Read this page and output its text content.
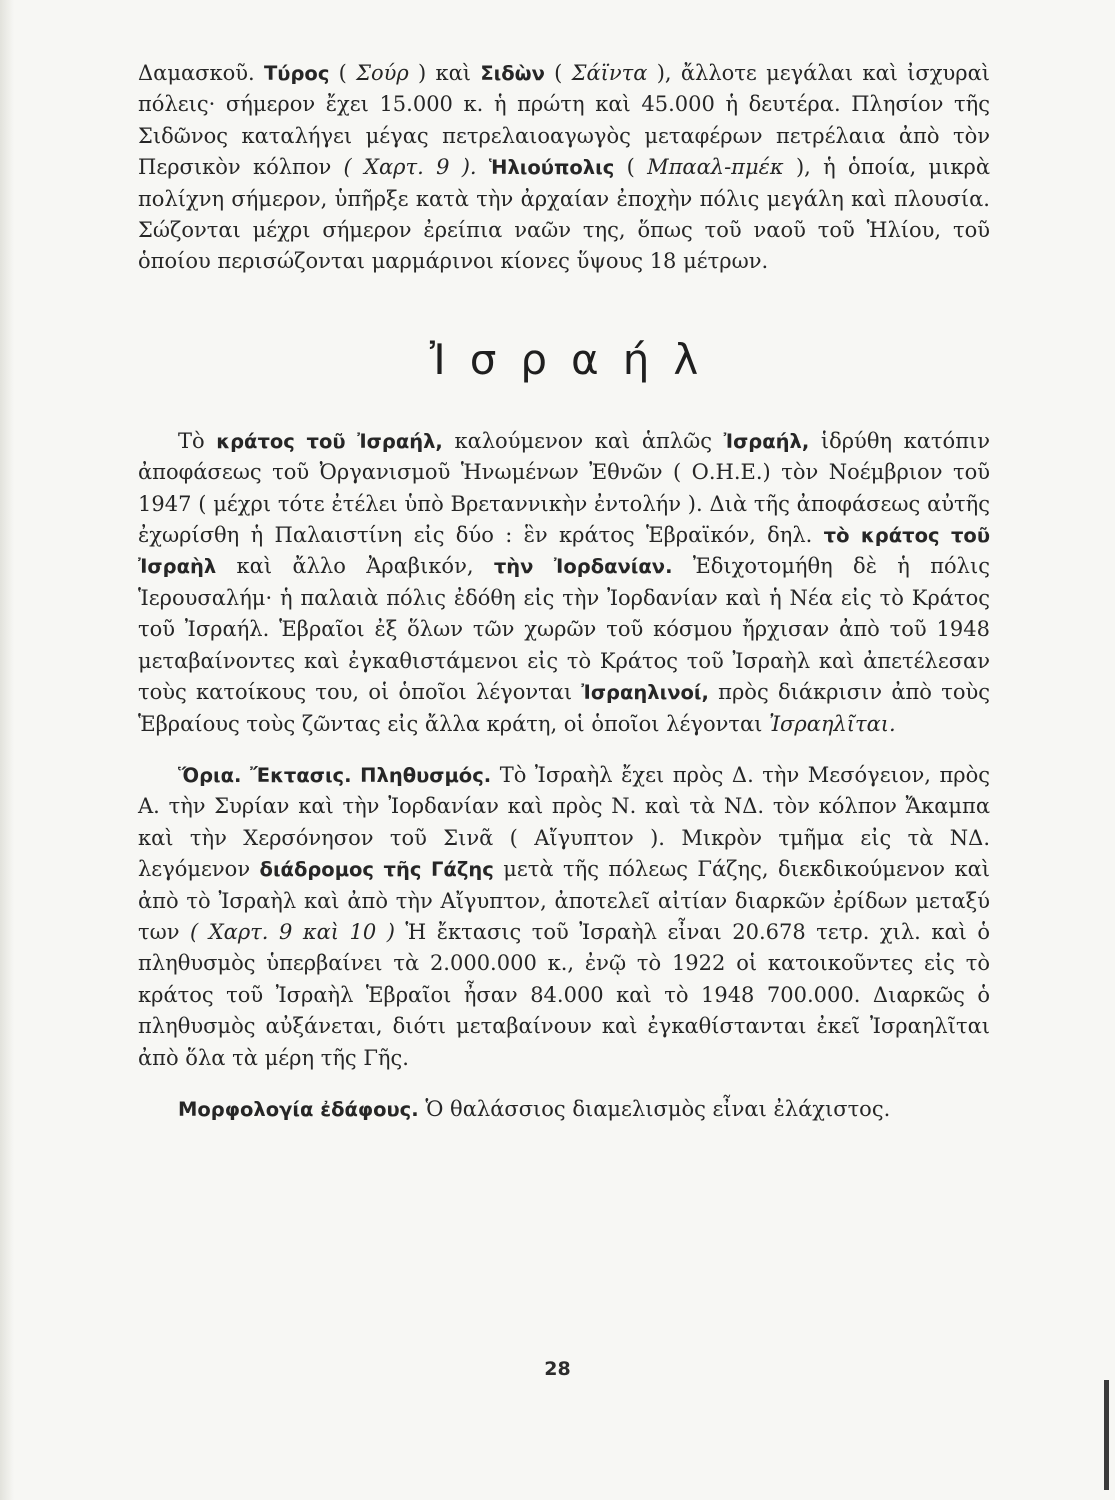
Δαμασκοῦ. Τύρος ( Σούρ ) καὶ Σιδὼν ( Σάϊντα ), ἄλλοτε μεγάλαι καὶ ἰσχυραὶ πόλεις· σήμερον ἔχει 15.000 κ. ἡ πρώτη καὶ 45.000 ἡ δευτέρα. Πλησίον τῆς Σιδῶνος καταλήγει μέγας πετρελαιοαγωγὸς μεταφέρων πετρέλαια ἀπὸ τὸν Περσικὸν κόλπον ( Χαρτ. 9 ). Ἡλιούπολις ( Μπααλ-πμέκ ), ἡ ὁποία, μικρὰ πολίχνη σήμερον, ὑπῆρξε κατὰ τὴν ἀρχαίαν ἐποχὴν πόλις μεγάλη καὶ πλουσία. Σώζονται μέχρι σήμερον ἐρείπια ναῶν της, ὅπως τοῦ ναοῦ τοῦ Ἡλίου, τοῦ ὁποίου περισώζονται μαρμάρινοι κίονες ὕψους 18 μέτρων.

Ἰσραήλ

Τὸ κράτος τοῦ Ἰσραήλ, καλούμενον καὶ ἁπλῶς Ἰσραήλ, ἱδρύθη κατόπιν ἀποφάσεως τοῦ Ὀργανισμοῦ Ἡνωμένων Ἐθνῶν ( Ο.Η.Ε.) τὸν Νοέμβριον τοῦ 1947 ( μέχρι τότε ἐτέλει ὑπὸ Βρεταννικὴν ἐντολήν ). Διὰ τῆς ἀποφάσεως αὐτῆς ἐχωρίσθη ἡ Παλαιστίνη εἰς δύο : ἓν κράτος Ἑβραϊκόν, δηλ. τὸ κράτος τοῦ Ἰσραὴλ καὶ ἄλλο Ἀραβικόν, τὴν Ἰορδανίαν. Ἐδιχοτομήθη δὲ ἡ πόλις Ἱερουσαλήμ· ἡ παλαιὰ πόλις ἐδόθη εἰς τὴν Ἰορδανίαν καὶ ἡ Νέα εἰς τὸ Κράτος τοῦ Ἰσραήλ. Ἑβραῖοι ἐξ ὅλων τῶν χωρῶν τοῦ κόσμου ἤρχισαν ἀπὸ τοῦ 1948 μεταβαίνοντες καὶ ἐγκαθιστάμενοι εἰς τὸ Κράτος τοῦ Ἰσραὴλ καὶ ἀπετέλεσαν τοὺς κατοίκους του, οἱ ὁποῖοι λέγονται Ἰσραηλινοί, πρὸς διάκρισιν ἀπὸ τοὺς Ἑβραίους τοὺς ζῶντας εἰς ἄλλα κράτη, οἱ ὁποῖοι λέγονται Ἰσραηλῖται.

Ὅρια. Ἔκτασις. Πληθυσμός. Τὸ Ἰσραὴλ ἔχει πρὸς Δ. τὴν Μεσόγειον, πρὸς Α. τὴν Συρίαν καὶ τὴν Ἰορδανίαν καὶ πρὸς Ν. καὶ τὰ ΝΔ. τὸν κόλπον Ἄκαμπα καὶ τὴν Χερσόνησον τοῦ Σινᾶ ( Αἴγυπτον ). Μικρὸν τμῆμα εἰς τὰ ΝΔ. λεγόμενον διάδρομος τῆς Γάζης μετὰ τῆς πόλεως Γάζης, διεκδικούμενον καὶ ἀπὸ τὸ Ἰσραὴλ καὶ ἀπὸ τὴν Αἴγυπτον, ἀποτελεῖ αἰτίαν διαρκῶν ἐρίδων μεταξύ των ( Χαρτ. 9 καὶ 10 ) Ἡ ἔκτασις τοῦ Ἰσραὴλ εἶναι 20.678 τετρ. χιλ. καὶ ὁ πληθυσμὸς ὑπερβαίνει τὰ 2.000.000 κ., ἐνῷ τὸ 1922 οἱ κατοικοῦντες εἰς τὸ κράτος τοῦ Ἰσραὴλ Ἑβραῖοι ἦσαν 84.000 καὶ τὸ 1948 700.000. Διαρκῶς ὁ πληθυσμὸς αὐξάνεται, διότι μεταβαίνουν καὶ ἐγκαθίστανται ἐκεῖ Ἰσραηλῖται ἀπὸ ὅλα τὰ μέρη τῆς Γῆς.

Μορφολογία ἐδάφους. Ὁ θαλάσσιος διαμελισμὸς εἶναι ἐλάχιστος.

28
